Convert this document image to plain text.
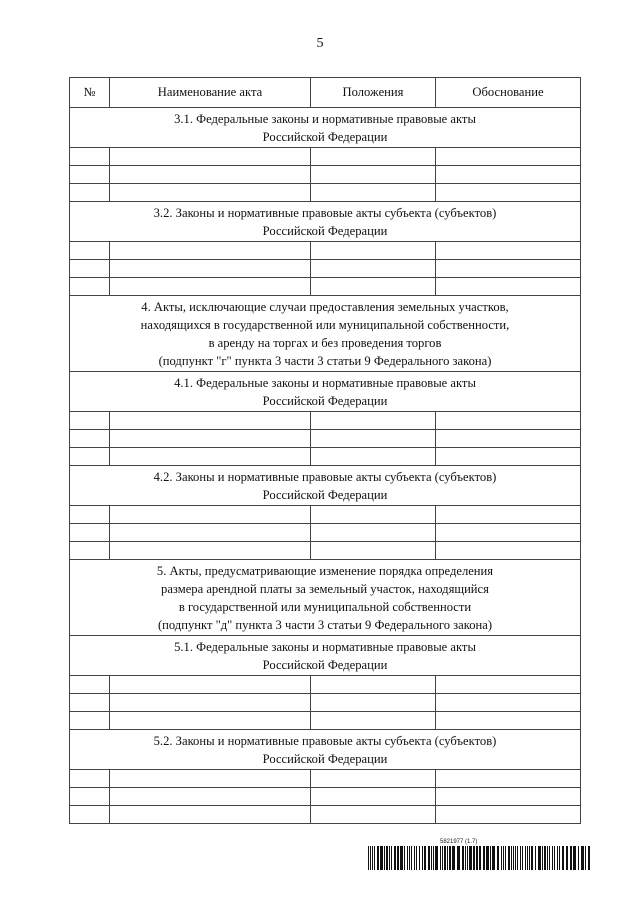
5
№	Наименование акта	Положения	Обоснование

3.1. Федеральные законы и нормативные правовые акты
Российской Федерации			

3.2. Законы и нормативные правовые акты субъекта (субъектов)
Российской Федерации			

4. Акты, исключающие случаи предоставления земельных участков,
находящихся в государственной или муниципальной собственности,
в аренду на торгах и без проведения торгов
(подпункт "г" пункта 3 части 3 статьи 9 Федерального закона)			

4.1. Федеральные законы и нормативные правовые акты
Российской Федерации			

4.2. Законы и нормативные правовые акты субъекта (субъектов)
Российской Федерации			

5. Акты, предусматривающие изменение порядка определения
размера арендной платы за земельный участок, находящийся
в государственной или муниципальной собственности
(подпункт "д" пункта 3 части 3 статьи 9 Федерального закона)			

5.1. Федеральные законы и нормативные правовые акты
Российской Федерации			

5.2. Законы и нормативные правовые акты субъекта (субъектов)
Российской Федерации			

5821977 (1.7)
